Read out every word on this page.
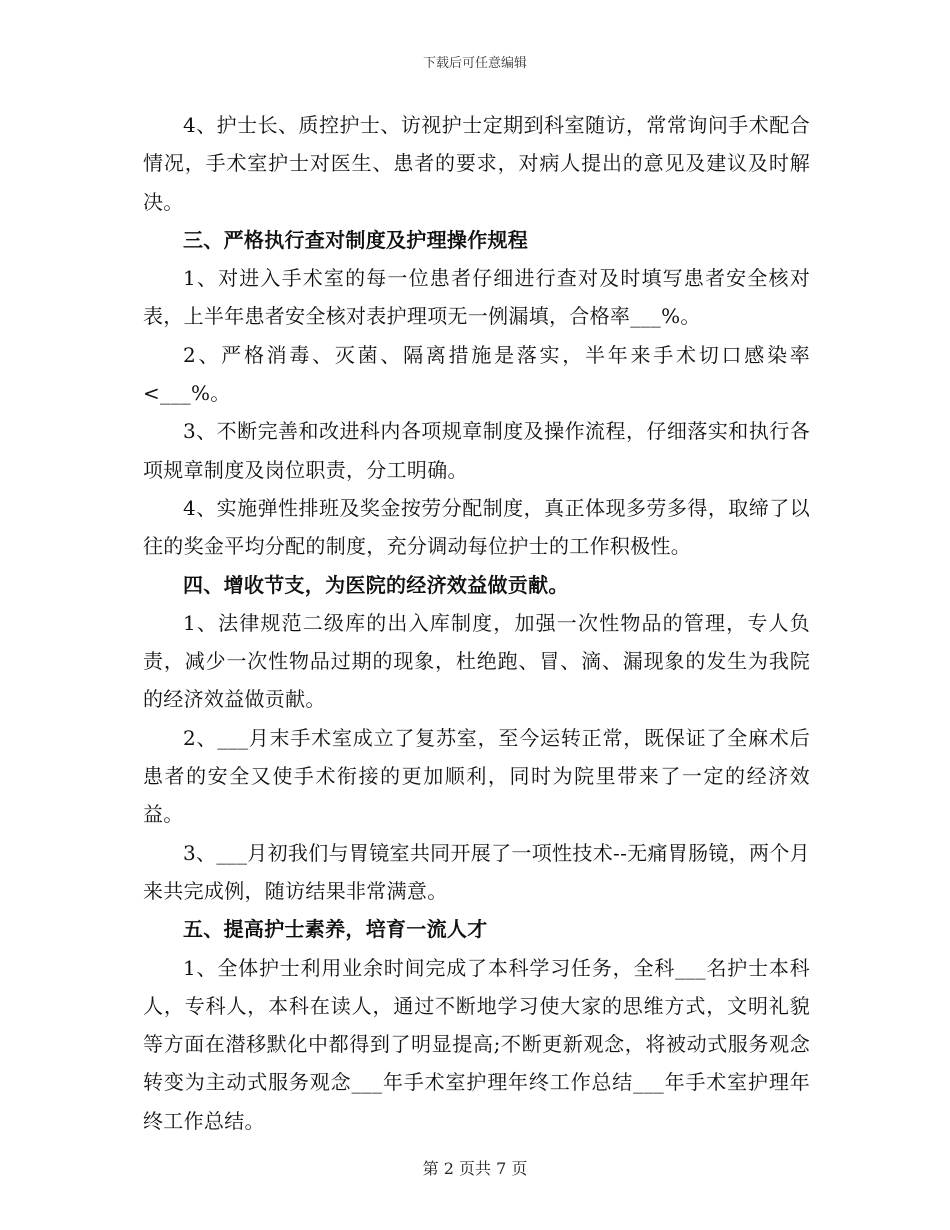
下载后可任意编辑

4、护士长、质控护士、访视护士定期到科室随访，常常询问手术配合情况，手术室护士对医生、患者的要求，对病人提出的意见及建议及时解决。

三、严格执行查对制度及护理操作规程

1、对进入手术室的每一位患者仔细进行查对及时填写患者安全核对表，上半年患者安全核对表护理项无一例漏填，合格率___%。

2、严格消毒、灭菌、隔离措施是落实，半年来手术切口感染率<___%。

3、不断完善和改进科内各项规章制度及操作流程，仔细落实和执行各项规章制度及岗位职责，分工明确。

4、实施弹性排班及奖金按劳分配制度，真正体现多劳多得，取缔了以往的奖金平均分配的制度，充分调动每位护士的工作积极性。

四、增收节支，为医院的经济效益做贡献。

1、法律规范二级库的出入库制度，加强一次性物品的管理，专人负责，减少一次性物品过期的现象，杜绝跑、冒、滴、漏现象的发生为我院的经济效益做贡献。

2、___月末手术室成立了复苏室，至今运转正常，既保证了全麻术后患者的安全又使手术衔接的更加顺利，同时为院里带来了一定的经济效益。

3、___月初我们与胃镜室共同开展了一项性技术--无痛胃肠镜，两个月来共完成例，随访结果非常满意。

五、提高护士素养，培育一流人才

1、全体护士利用业余时间完成了本科学习任务，全科___名护士本科人，专科人，本科在读人，通过不断地学习使大家的思维方式，文明礼貌等方面在潜移默化中都得到了明显提高;不断更新观念，将被动式服务观念转变为主动式服务观念___年手术室护理年终工作总结___年手术室护理年终工作总结。

第 2 页共 7 页
